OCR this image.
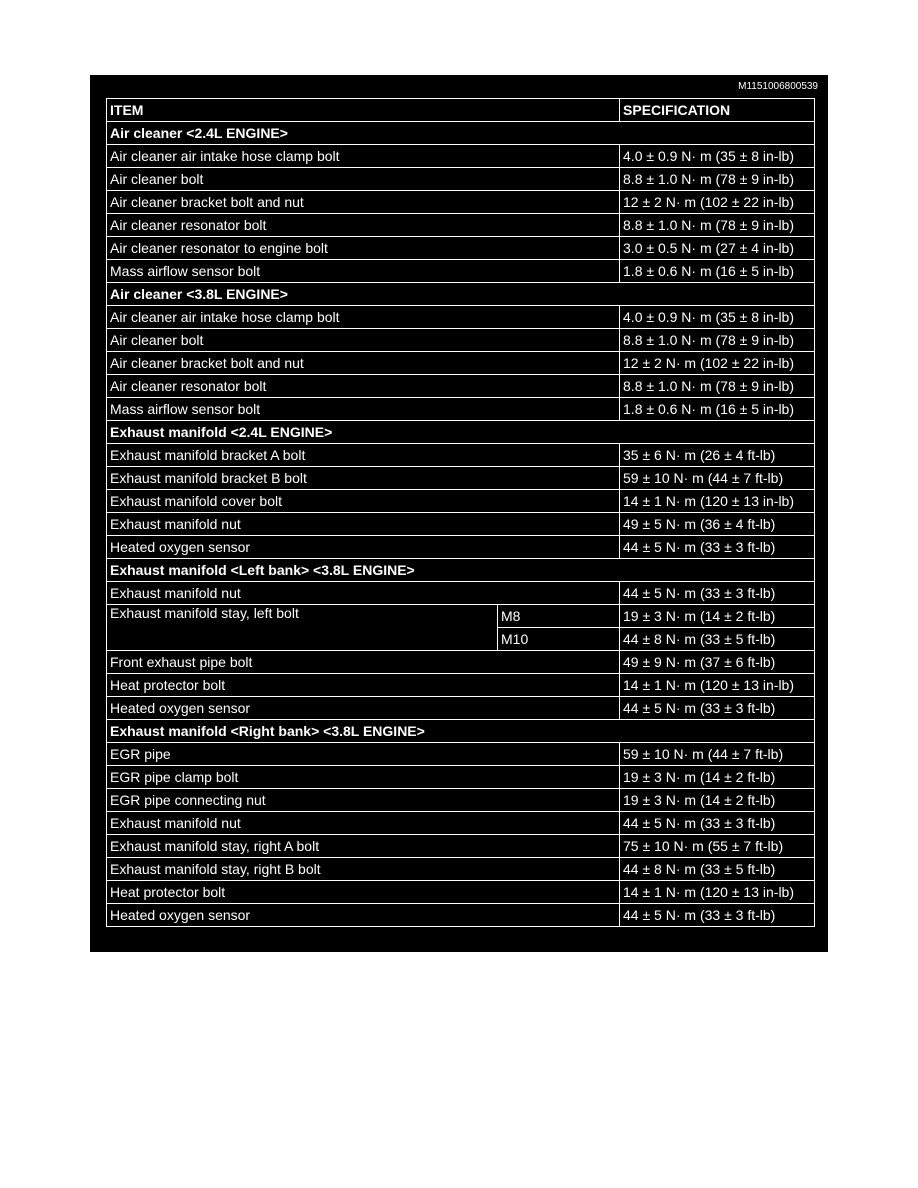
M1151006800539
ITEM		SPECIFICATION
Air cleaner <2.4L ENGINE>		
Air cleaner air intake hose clamp bolt		4.0 ± 0.9 N· m (35 ± 8 in-lb)
Air cleaner bolt		8.8 ± 1.0 N· m (78 ± 9 in-lb)
Air cleaner bracket bolt and nut		12 ± 2 N· m (102 ± 22 in-lb)
Air cleaner resonator bolt		8.8 ± 1.0 N· m (78 ± 9 in-lb)
Air cleaner resonator to engine bolt		3.0 ± 0.5 N· m (27 ± 4 in-lb)
Mass airflow sensor bolt		1.8 ± 0.6 N· m (16 ± 5 in-lb)
Air cleaner <3.8L ENGINE>		
Air cleaner air intake hose clamp bolt		4.0 ± 0.9 N· m (35 ± 8 in-lb)
Air cleaner bolt		8.8 ± 1.0 N· m (78 ± 9 in-lb)
Air cleaner bracket bolt and nut		12 ± 2 N· m (102 ± 22 in-lb)
Air cleaner resonator bolt		8.8 ± 1.0 N· m (78 ± 9 in-lb)
Mass airflow sensor bolt		1.8 ± 0.6 N· m (16 ± 5 in-lb)
Exhaust manifold <2.4L ENGINE>		
Exhaust manifold bracket A bolt		35 ± 6 N· m (26 ± 4 ft-lb)
Exhaust manifold bracket B bolt		59 ± 10 N· m (44 ± 7 ft-lb)
Exhaust manifold cover bolt		14 ± 1 N· m (120 ± 13 in-lb)
Exhaust manifold nut		49 ± 5 N· m (36 ± 4 ft-lb)
Heated oxygen sensor		44 ± 5 N· m (33 ± 3 ft-lb)
Exhaust manifold <Left bank> <3.8L ENGINE>		
Exhaust manifold nut		44 ± 5 N· m (33 ± 3 ft-lb)
Exhaust manifold stay, left bolt	M8	19 ± 3 N· m (14 ± 2 ft-lb)
	M10	44 ± 8 N· m (33 ± 5 ft-lb)
Front exhaust pipe bolt		49 ± 9 N· m (37 ± 6 ft-lb)
Heat protector bolt		14 ± 1 N· m (120 ± 13 in-lb)
Heated oxygen sensor		44 ± 5 N· m (33 ± 3 ft-lb)
Exhaust manifold <Right bank> <3.8L ENGINE>		
EGR pipe		59 ± 10 N· m (44 ± 7 ft-lb)
EGR pipe clamp bolt		19 ± 3 N· m (14 ± 2 ft-lb)
EGR pipe connecting nut		19 ± 3 N· m (14 ± 2 ft-lb)
Exhaust manifold nut		44 ± 5 N· m (33 ± 3 ft-lb)
Exhaust manifold stay, right A bolt		75 ± 10 N· m (55 ± 7 ft-lb)
Exhaust manifold stay, right B bolt		44 ± 8 N· m (33 ± 5 ft-lb)
Heat protector bolt		14 ± 1 N· m (120 ± 13 in-lb)
Heated oxygen sensor		44 ± 5 N· m (33 ± 3 ft-lb)
